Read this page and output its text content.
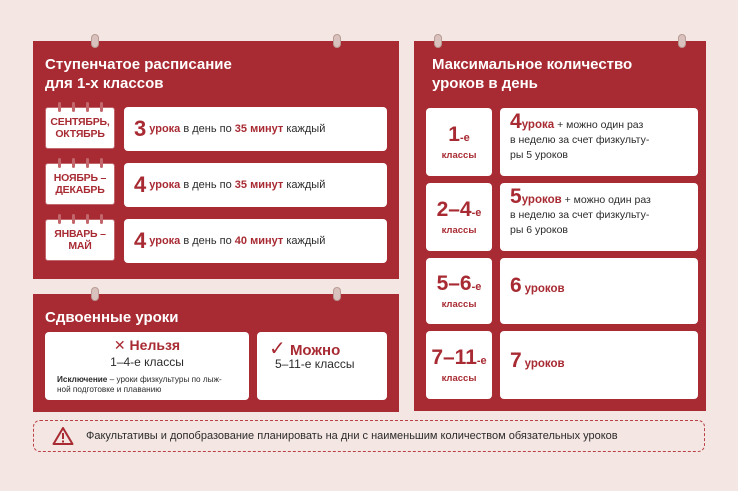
Ступенчатое расписание
для 1-х классов
СЕНТЯБРЬ,
ОКТЯБРЬ	3 урока
в день по
35 минут
каждый
НОЯБРЬ –
ДЕКАБРЬ	4 урока
в день по
35 минут
каждый
ЯНВАРЬ –
МАЙ	4 урока
в день по
40 минут
каждый
Сдвоенные уроки
✕ Нельзя
1–4-е классы
Исключение – уроки физкультуры по лыж-
ной подготовке и плаванию
✓ Можно
5–11-е классы
Максимальное количество
уроков в день
1-е
классы
4урока + можно один раз
в неделю за счет физкульту-
ры 5 уроков
2–4-е
классы
5уроков + можно один раз
в неделю за счет физкульту-
ры 6 уроков
5–6-е
классы
6 уроков
7–11-е
классы
7 уроков
Факультативы и допобразование планировать на дни с наименьшим количеством обязательных уроков
